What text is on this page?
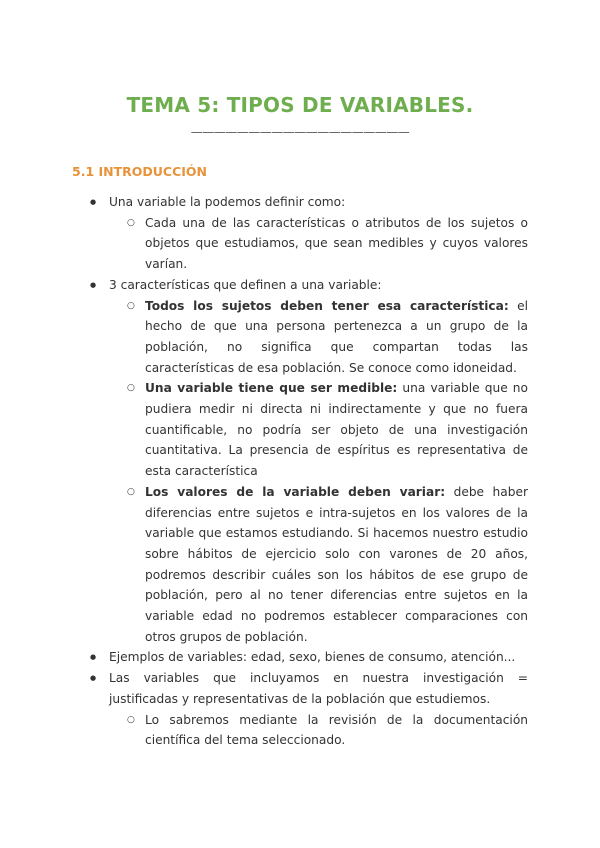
TEMA 5: TIPOS DE VARIABLES.
———————————————————
5.1 INTRODUCCIÓN
● Una variable la podemos definir como:
○ Cada una de las características o atributos de los sujetos o objetos que estudiamos, que sean medibles y cuyos valores varían.
● 3 características que definen a una variable:
○ Todos los sujetos deben tener esa característica: el hecho de que una persona pertenezca a un grupo de la población, no significa que compartan todas las características de esa población. Se conoce como idoneidad.
○ Una variable tiene que ser medible: una variable que no pudiera medir ni directa ni indirectamente y que no fuera cuantificable, no podría ser objeto de una investigación cuantitativa. La presencia de espíritus es representativa de esta característica
○ Los valores de la variable deben variar: debe haber diferencias entre sujetos e intra-sujetos en los valores de la variable que estamos estudiando. Si hacemos nuestro estudio sobre hábitos de ejercicio solo con varones de 20 años, podremos describir cuáles son los hábitos de ese grupo de población, pero al no tener diferencias entre sujetos en la variable edad no podremos establecer comparaciones con otros grupos de población.
● Ejemplos de variables: edad, sexo, bienes de consumo, atención...
● Las variables que incluyamos en nuestra investigación = justificadas y representativas de la población que estudiemos.
○ Lo sabremos mediante la revisión de la documentación científica del tema seleccionado.
